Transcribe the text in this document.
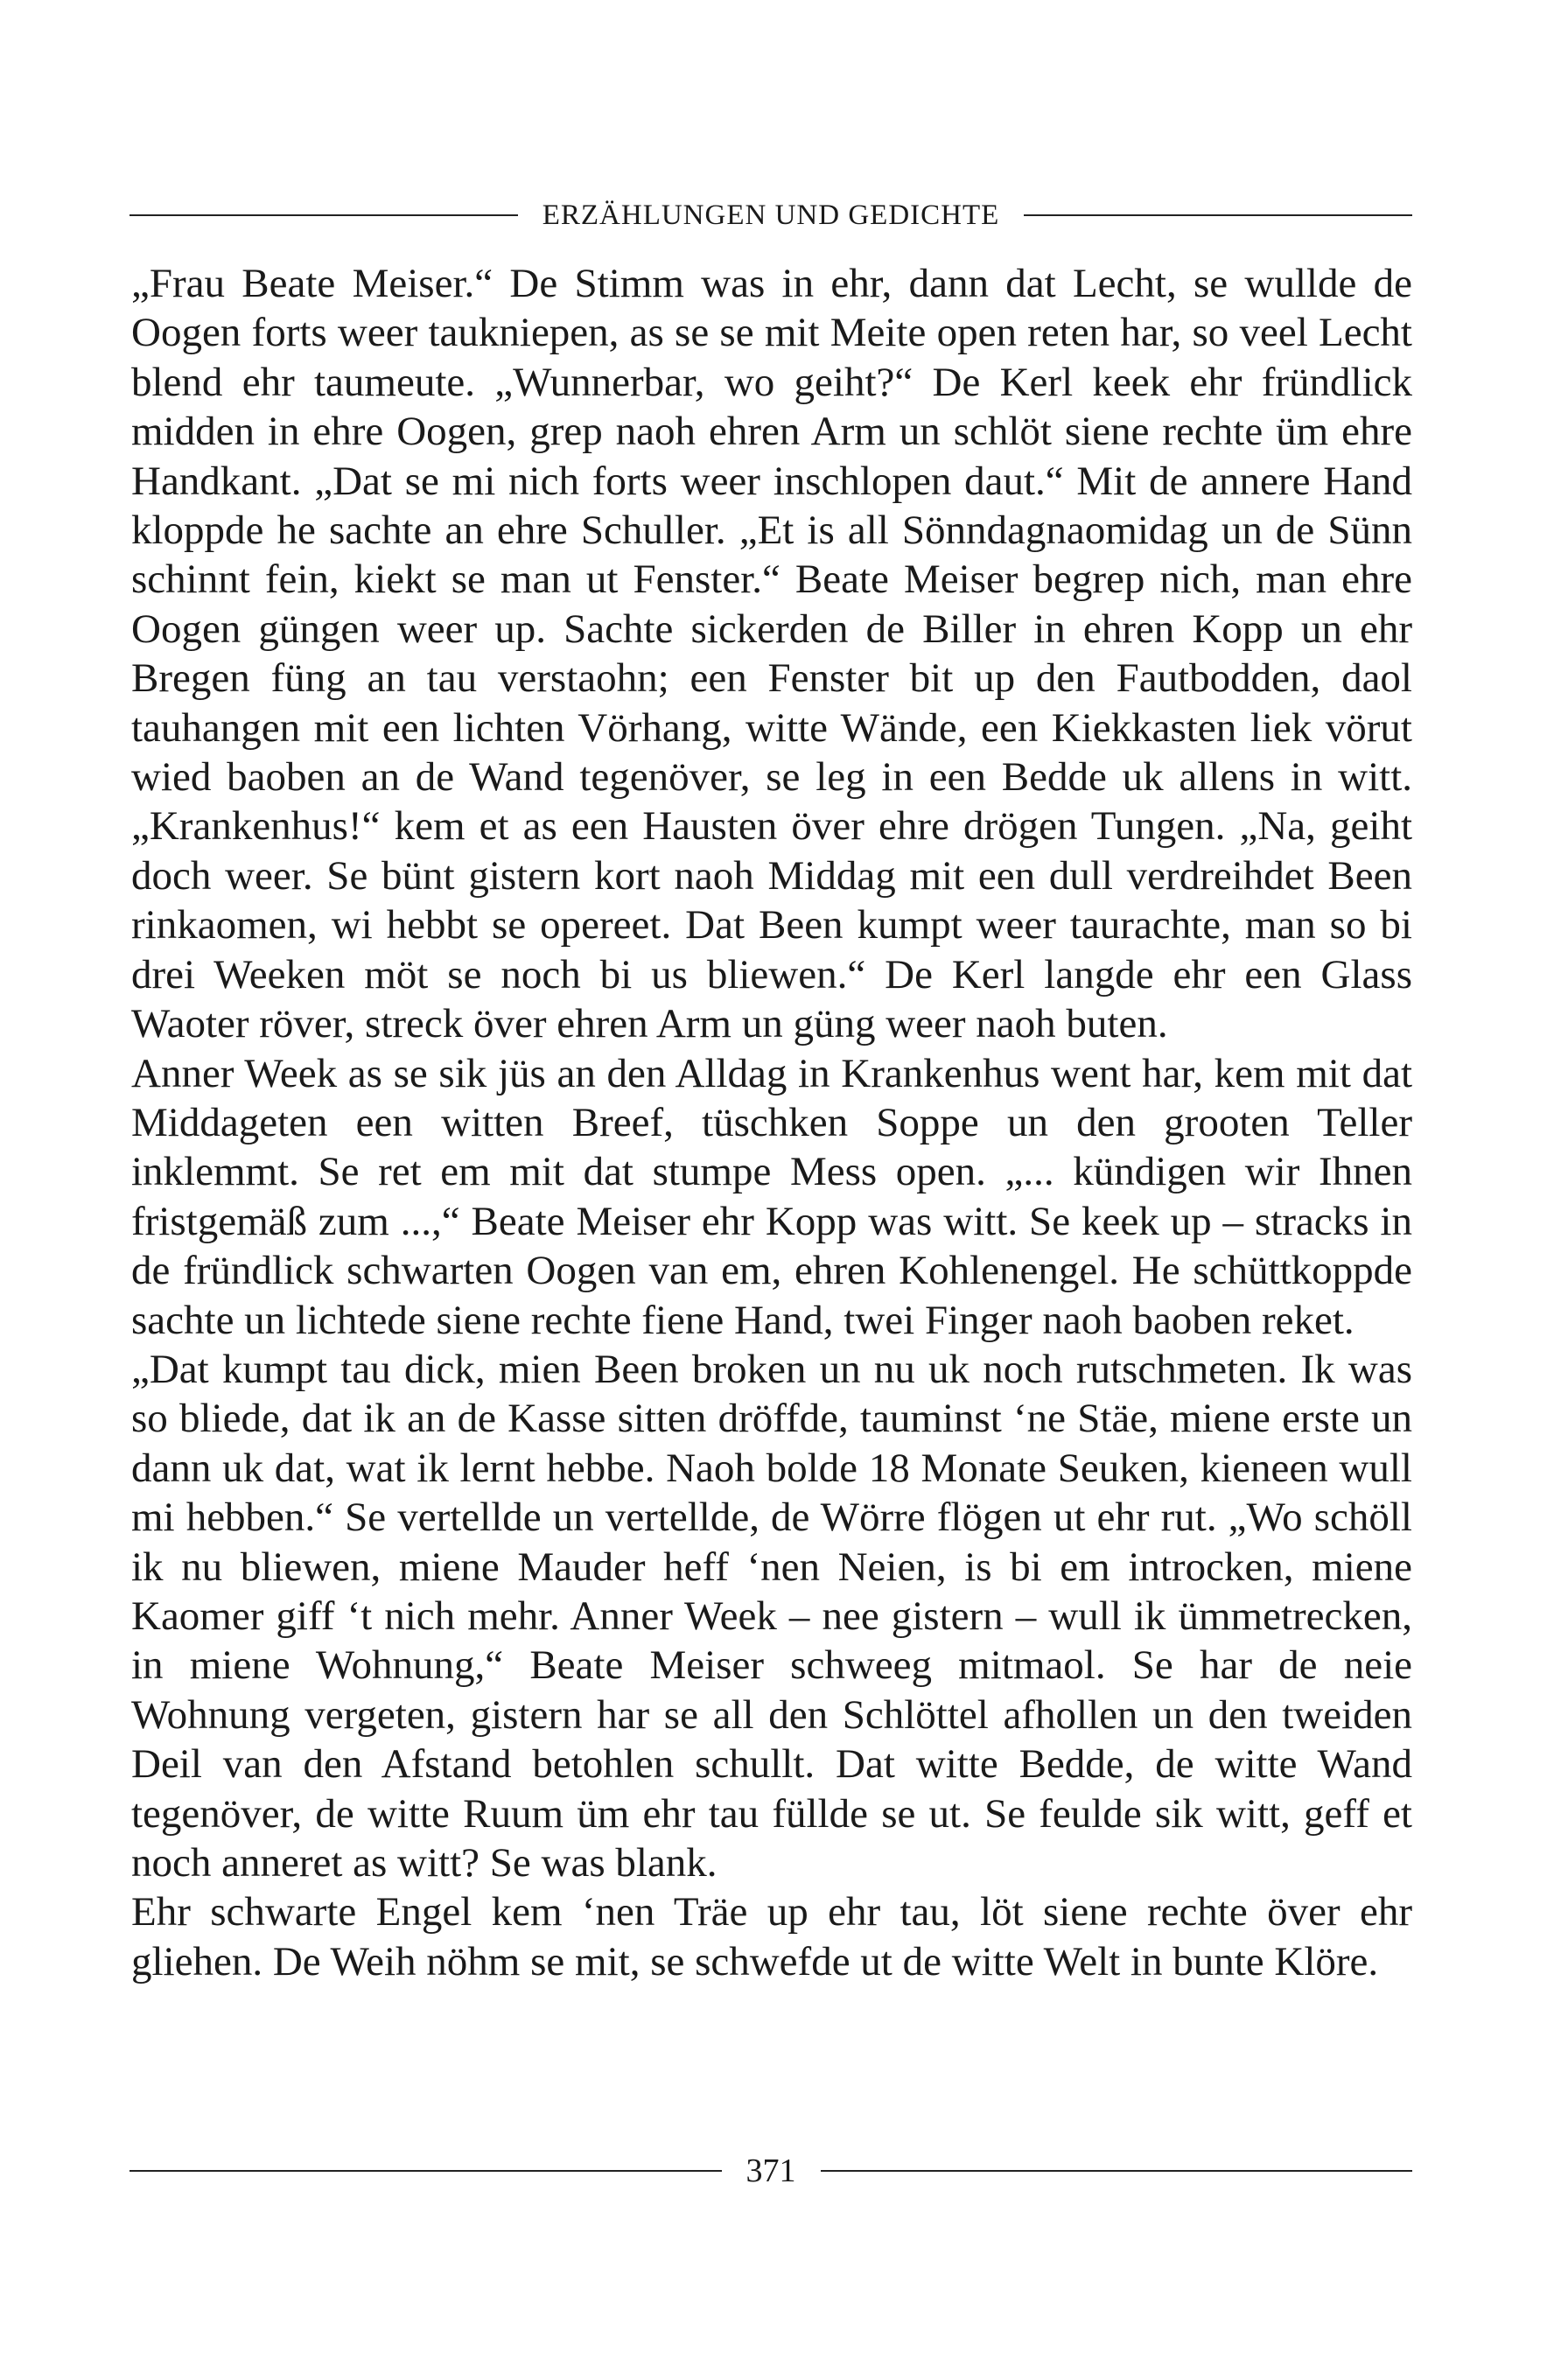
ERZÄHLUNGEN UND GEDICHTE

„Frau Beate Meiser.“ De Stimm was in ehr, dann dat Lecht, se wullde de Oogen forts weer taukniepen, as se se mit Meite open reten har, so veel Lecht blend ehr taumeute. „Wunnerbar, wo geiht?“ De Kerl keek ehr fründlick midden in ehre Oogen, grep naoh ehren Arm un schlöt siene rechte üm ehre Handkant. „Dat se mi nich forts weer inschlopen daut.“ Mit de annere Hand kloppde he sachte an ehre Schuller. „Et is all Sönndagnaomidag un de Sünn schinnt fein, kiekt se man ut Fenster.“ Beate Meiser begrep nich, man ehre Oogen güngen weer up. Sachte sickerden de Biller in ehren Kopp un ehr Bregen füng an tau verstaohn; een Fenster bit up den Fautbodden, daol tauhangen mit een lichten Vörhang, witte Wände, een Kiekkasten liek vörut wied baoben an de Wand tegenöver, se leg in een Bedde uk allens in witt. „Krankenhus!“ kem et as een Hausten över ehre drögen Tungen. „Na, geiht doch weer. Se bünt gistern kort naoh Middag mit een dull verdreihdet Been rinkaomen, wi hebbt se opereet. Dat Been kumpt weer taurachte, man so bi drei Weeken möt se noch bi us bliewen.“ De Kerl langde ehr een Glass Waoter röver, streck över ehren Arm un güng weer naoh buten.

Anner Week as se sik jüs an den Alldag in Krankenhus went har, kem mit dat Middageten een witten Breef, tüschken Soppe un den grooten Teller inklemmt. Se ret em mit dat stumpe Mess open. „... kündigen wir Ihnen fristgemäß zum ...,“ Beate Meiser ehr Kopp was witt. Se keek up – stracks in de fründlick schwarten Oogen van em, ehren Kohlenengel. He schüttkoppde sachte un lichtede siene rechte fiene Hand, twei Finger naoh baoben reket.

„Dat kumpt tau dick, mien Been broken un nu uk noch rutschmeten. Ik was so bliede, dat ik an de Kasse sitten dröffde, tauminst ‘ne Stäe, miene erste un dann uk dat, wat ik lernt hebbe. Naoh bolde 18 Monate Seuken, kieneen wull mi hebben.“ Se vertellde un vertellde, de Wörre flögen ut ehr rut. „Wo schöll ik nu bliewen, miene Mauder heff ‘nen Neien, is bi em introcken, miene Kaomer giff ‘t nich mehr. Anner Week – nee gistern – wull ik ümmetrecken, in miene Wohnung,“ Beate Meiser schweeg mitmaol. Se har de neie Wohnung vergeten, gistern har se all den Schlöttel afhollen un den tweiden Deil van den Afstand betohlen schullt. Dat witte Bedde, de witte Wand tegenöver, de witte Ruum üm ehr tau füllde se ut. Se feulde sik witt, geff et noch anneret as witt? Se was blank.

Ehr schwarte Engel kem ‘nen Träe up ehr tau, löt siene rechte över ehr gliehen. De Weih nöhm se mit, se schwefde ut de witte Welt in bunte Klöre.

371
